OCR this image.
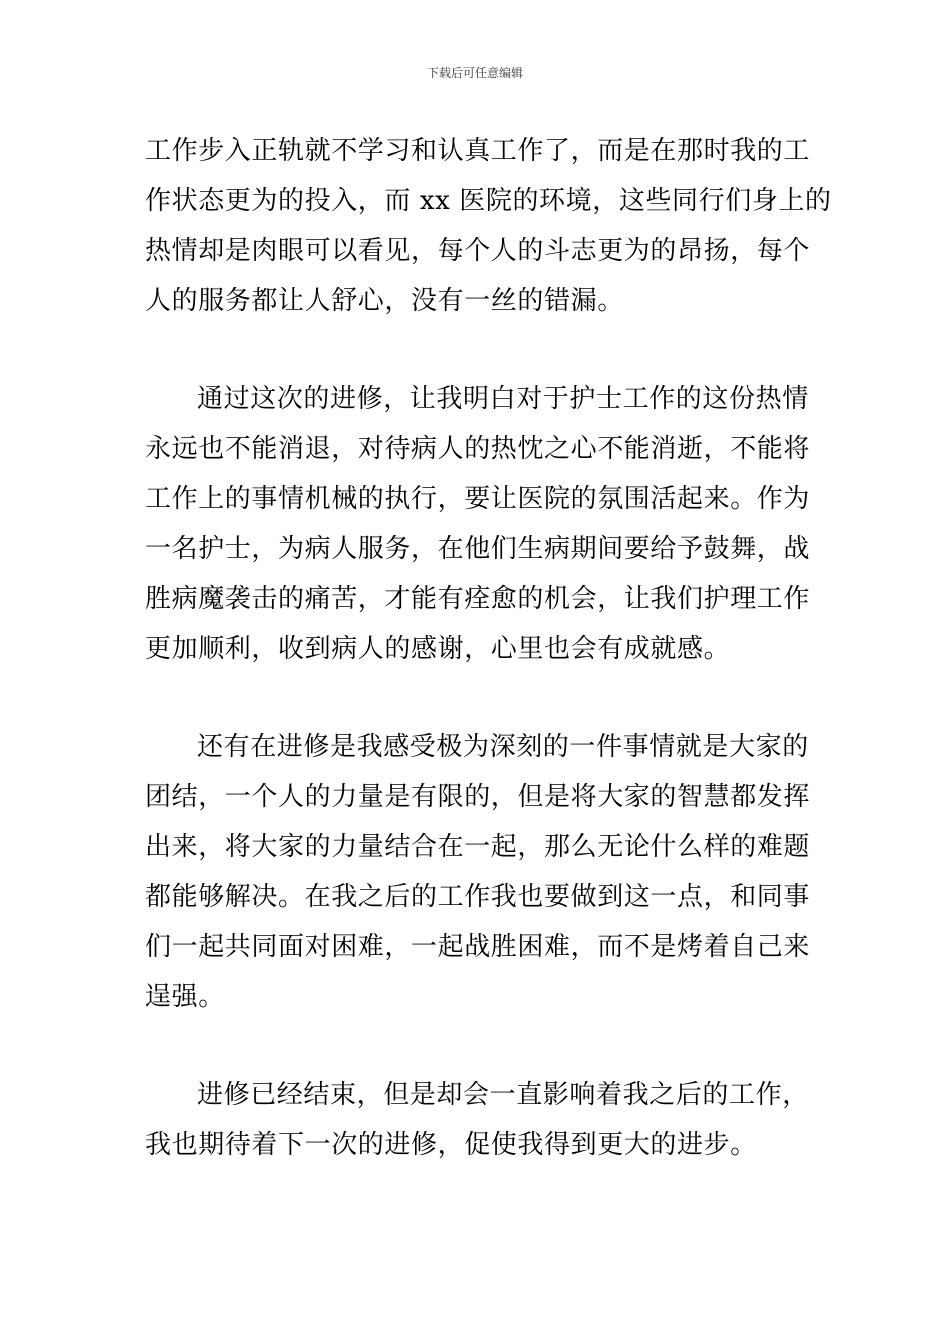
下载后可任意编辑
工作步入正轨就不学习和认真工作了，而是在那时我的工
作状态更为的投入，而 xx 医院的环境，这些同行们身上的
热情却是肉眼可以看见，每个人的斗志更为的昂扬，每个
人的服务都让人舒心，没有一丝的错漏。
通过这次的进修，让我明白对于护士工作的这份热情
永远也不能消退，对待病人的热忱之心不能消逝，不能将
工作上的事情机械的执行，要让医院的氛围活起来。作为
一名护士，为病人服务，在他们生病期间要给予鼓舞，战
胜病魔袭击的痛苦，才能有痊愈的机会，让我们护理工作
更加顺利，收到病人的感谢，心里也会有成就感。
还有在进修是我感受极为深刻的一件事情就是大家的
团结，一个人的力量是有限的，但是将大家的智慧都发挥
出来，将大家的力量结合在一起，那么无论什么样的难题
都能够解决。在我之后的工作我也要做到这一点，和同事
们一起共同面对困难，一起战胜困难，而不是烤着自己来
逞强。
进修已经结束，但是却会一直影响着我之后的工作，
我也期待着下一次的进修，促使我得到更大的进步。
